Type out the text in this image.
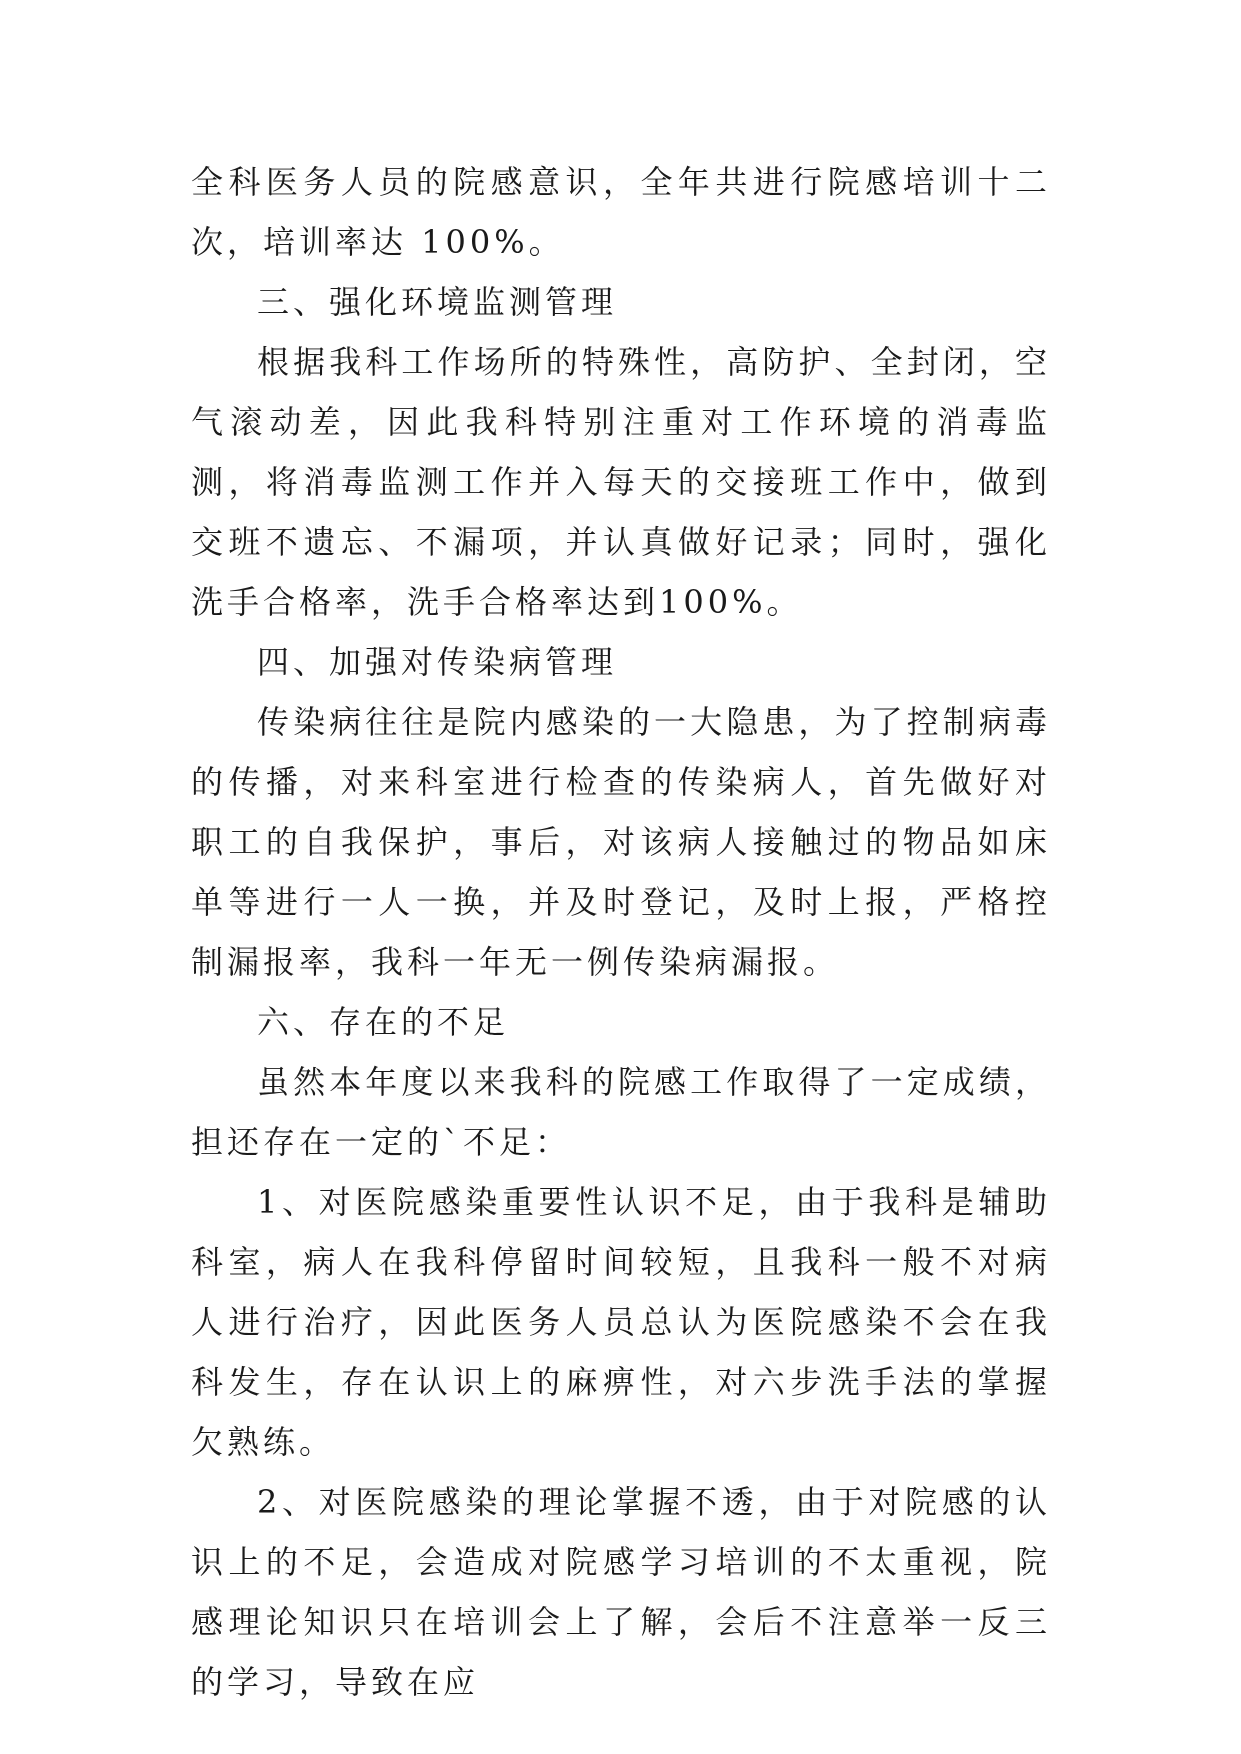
全科医务人员的院感意识，全年共进行院感培训十二次，培训率达 100%。

三、强化环境监测管理

根据我科工作场所的特殊性，高防护、全封闭，空气滚动差，因此我科特别注重对工作环境的消毒监测，将消毒监测工作并入每天的交接班工作中，做到交班不遗忘、不漏项，并认真做好记录；同时，强化洗手合格率，洗手合格率达到100%。

四、加强对传染病管理

传染病往往是院内感染的一大隐患，为了控制病毒的传播，对来科室进行检查的传染病人，首先做好对职工的自我保护，事后，对该病人接触过的物品如床单等进行一人一换，并及时登记，及时上报，严格控制漏报率，我科一年无一例传染病漏报。

六、存在的不足

虽然本年度以来我科的院感工作取得了一定成绩，担还存在一定的`不足：

1、对医院感染重要性认识不足，由于我科是辅助科室，病人在我科停留时间较短，且我科一般不对病人进行治疗，因此医务人员总认为医院感染不会在我科发生，存在认识上的麻痹性，对六步洗手法的掌握欠熟练。

2、对医院感染的理论掌握不透，由于对院感的认识上的不足，会造成对院感学习培训的不太重视，院感理论知识只在培训会上了解，会后不注意举一反三的学习，导致在应
